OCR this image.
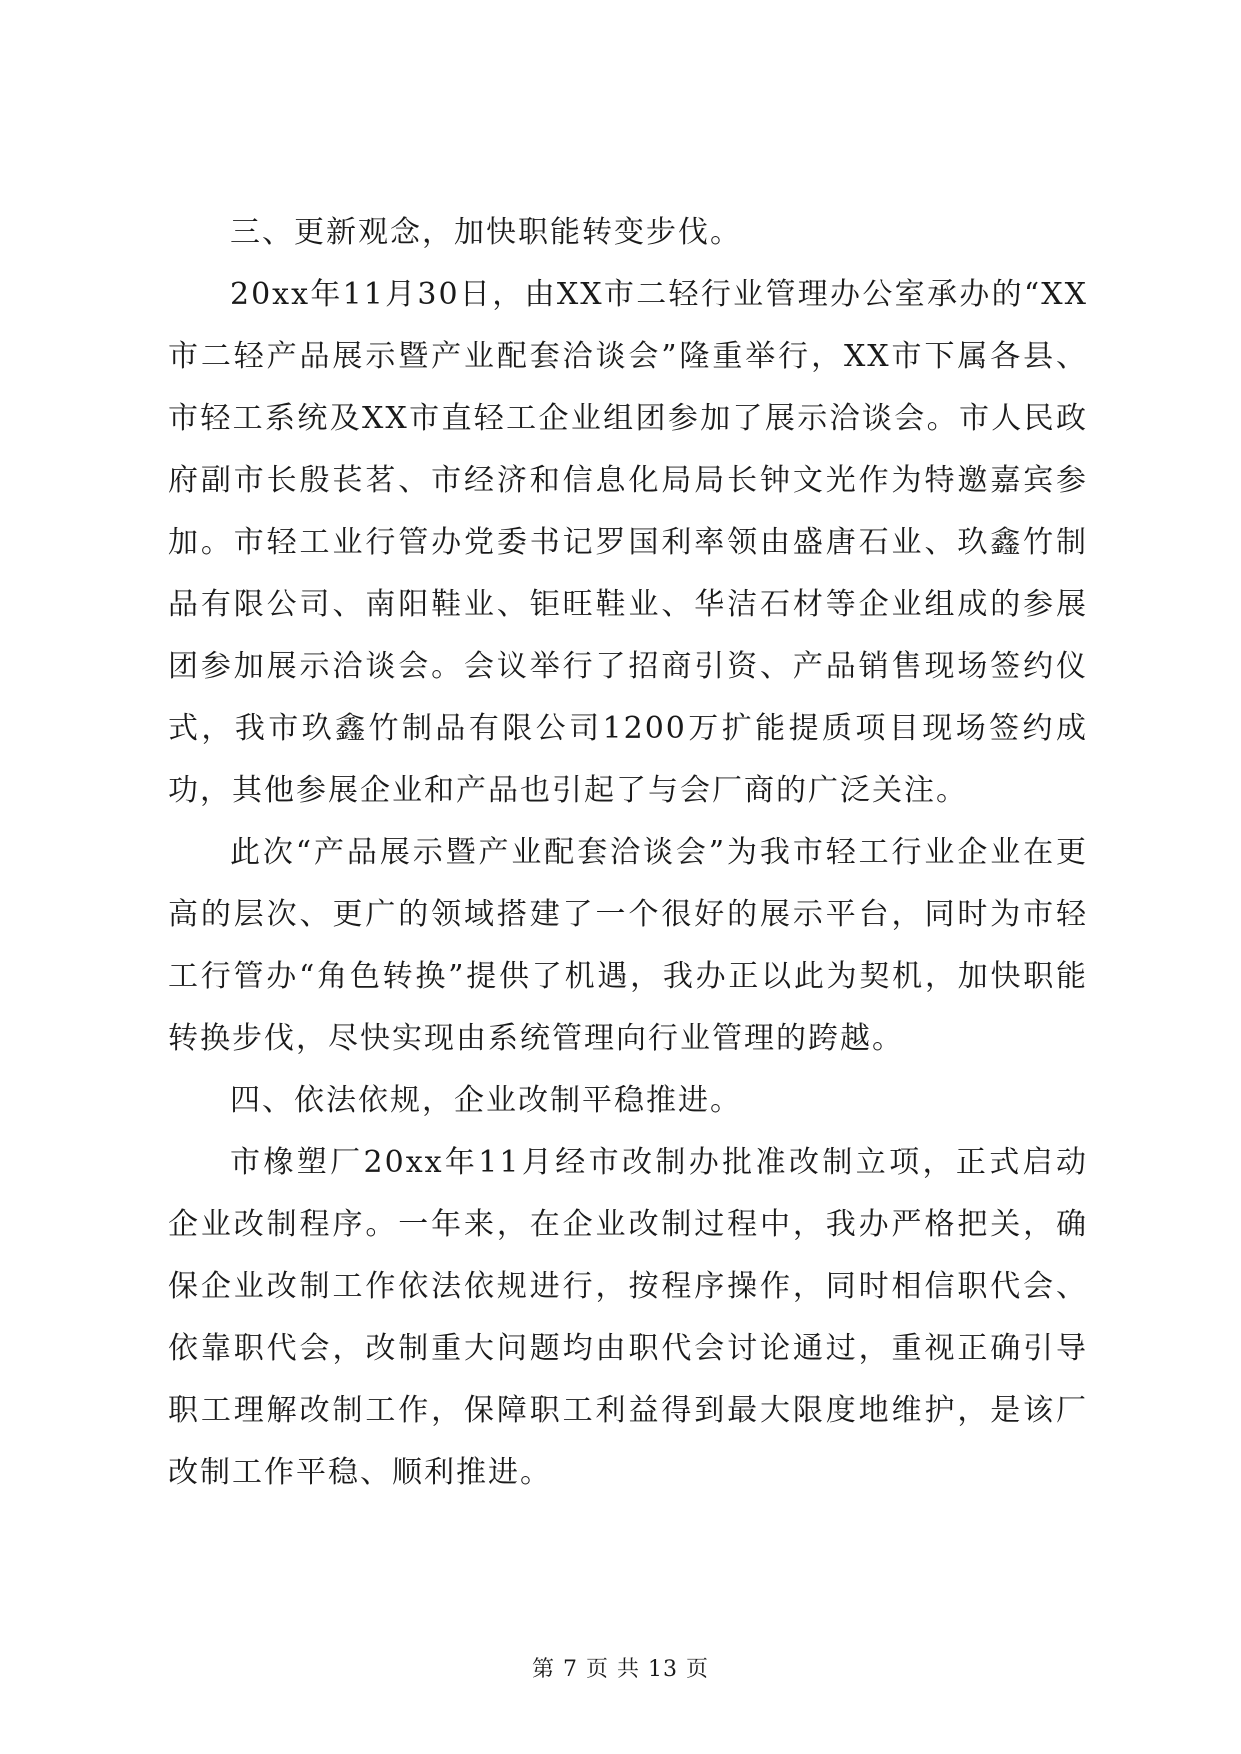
三、更新观念，加快职能转变步伐。

20xx年11月30日，由XX市二轻行业管理办公室承办的“XX市二轻产品展示暨产业配套洽谈会”隆重举行，XX市下属各县、市轻工系统及XX市直轻工企业组团参加了展示洽谈会。市人民政府副市长殷苌茗、市经济和信息化局局长钟文光作为特邀嘉宾参加。市轻工业行管办党委书记罗国利率领由盛唐石业、玖鑫竹制品有限公司、南阳鞋业、钜旺鞋业、华洁石材等企业组成的参展团参加展示洽谈会。会议举行了招商引资、产品销售现场签约仪式，我市玖鑫竹制品有限公司1200万扩能提质项目现场签约成功，其他参展企业和产品也引起了与会厂商的广泛关注。

此次“产品展示暨产业配套洽谈会”为我市轻工行业企业在更高的层次、更广的领域搭建了一个很好的展示平台，同时为市轻工行管办“角色转换”提供了机遇，我办正以此为契机，加快职能转换步伐，尽快实现由系统管理向行业管理的跨越。

四、依法依规，企业改制平稳推进。

市橡塑厂20xx年11月经市改制办批准改制立项，正式启动企业改制程序。一年来，在企业改制过程中，我办严格把关，确保企业改制工作依法依规进行，按程序操作，同时相信职代会、依靠职代会，改制重大问题均由职代会讨论通过，重视正确引导职工理解改制工作，保障职工利益得到最大限度地维护，是该厂改制工作平稳、顺利推进。

第 7 页 共 13 页
